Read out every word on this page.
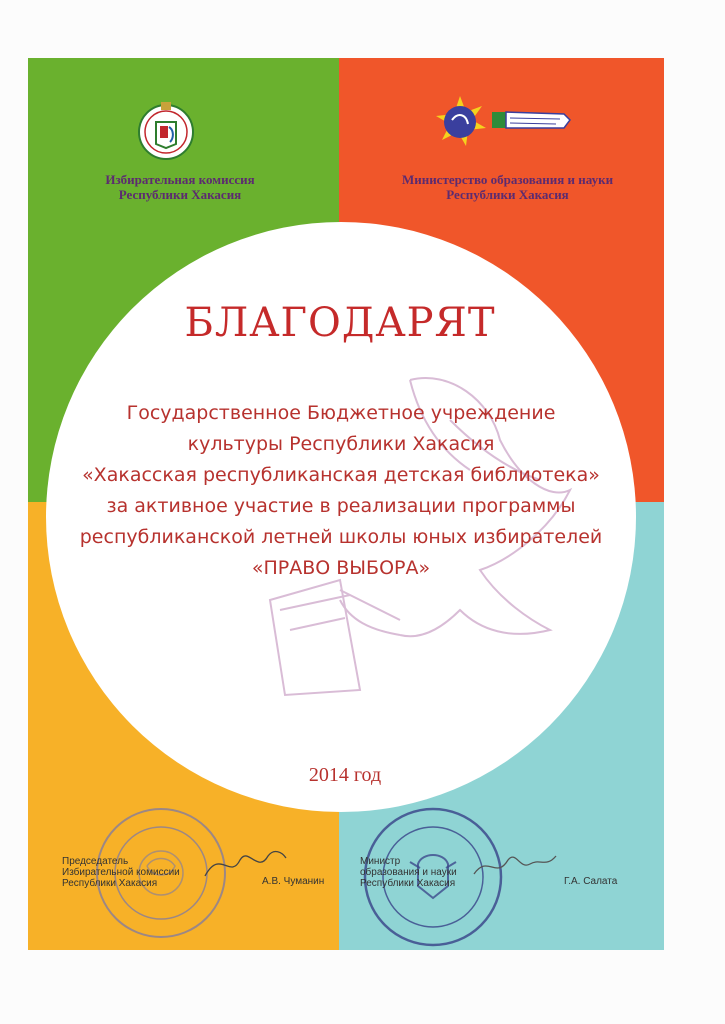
Избирательная комиссия
Республики Хакасия
Министерство образования и науки
Республики Хакасия
БЛАГОДАРЯТ
Государственное Бюджетное учреждение
культуры Республики Хакасия
«Хакасская республиканская детская библиотека»
за активное участие в реализации программы
республиканской летней школы юных избирателей
«ПРАВО ВЫБОРА»
2014 год
Председатель
Избирательной комиссии
Республики Хакасия	А.В. Чуманин
Министр
образования и науки
Республики Хакасия	Г.А. Салата
